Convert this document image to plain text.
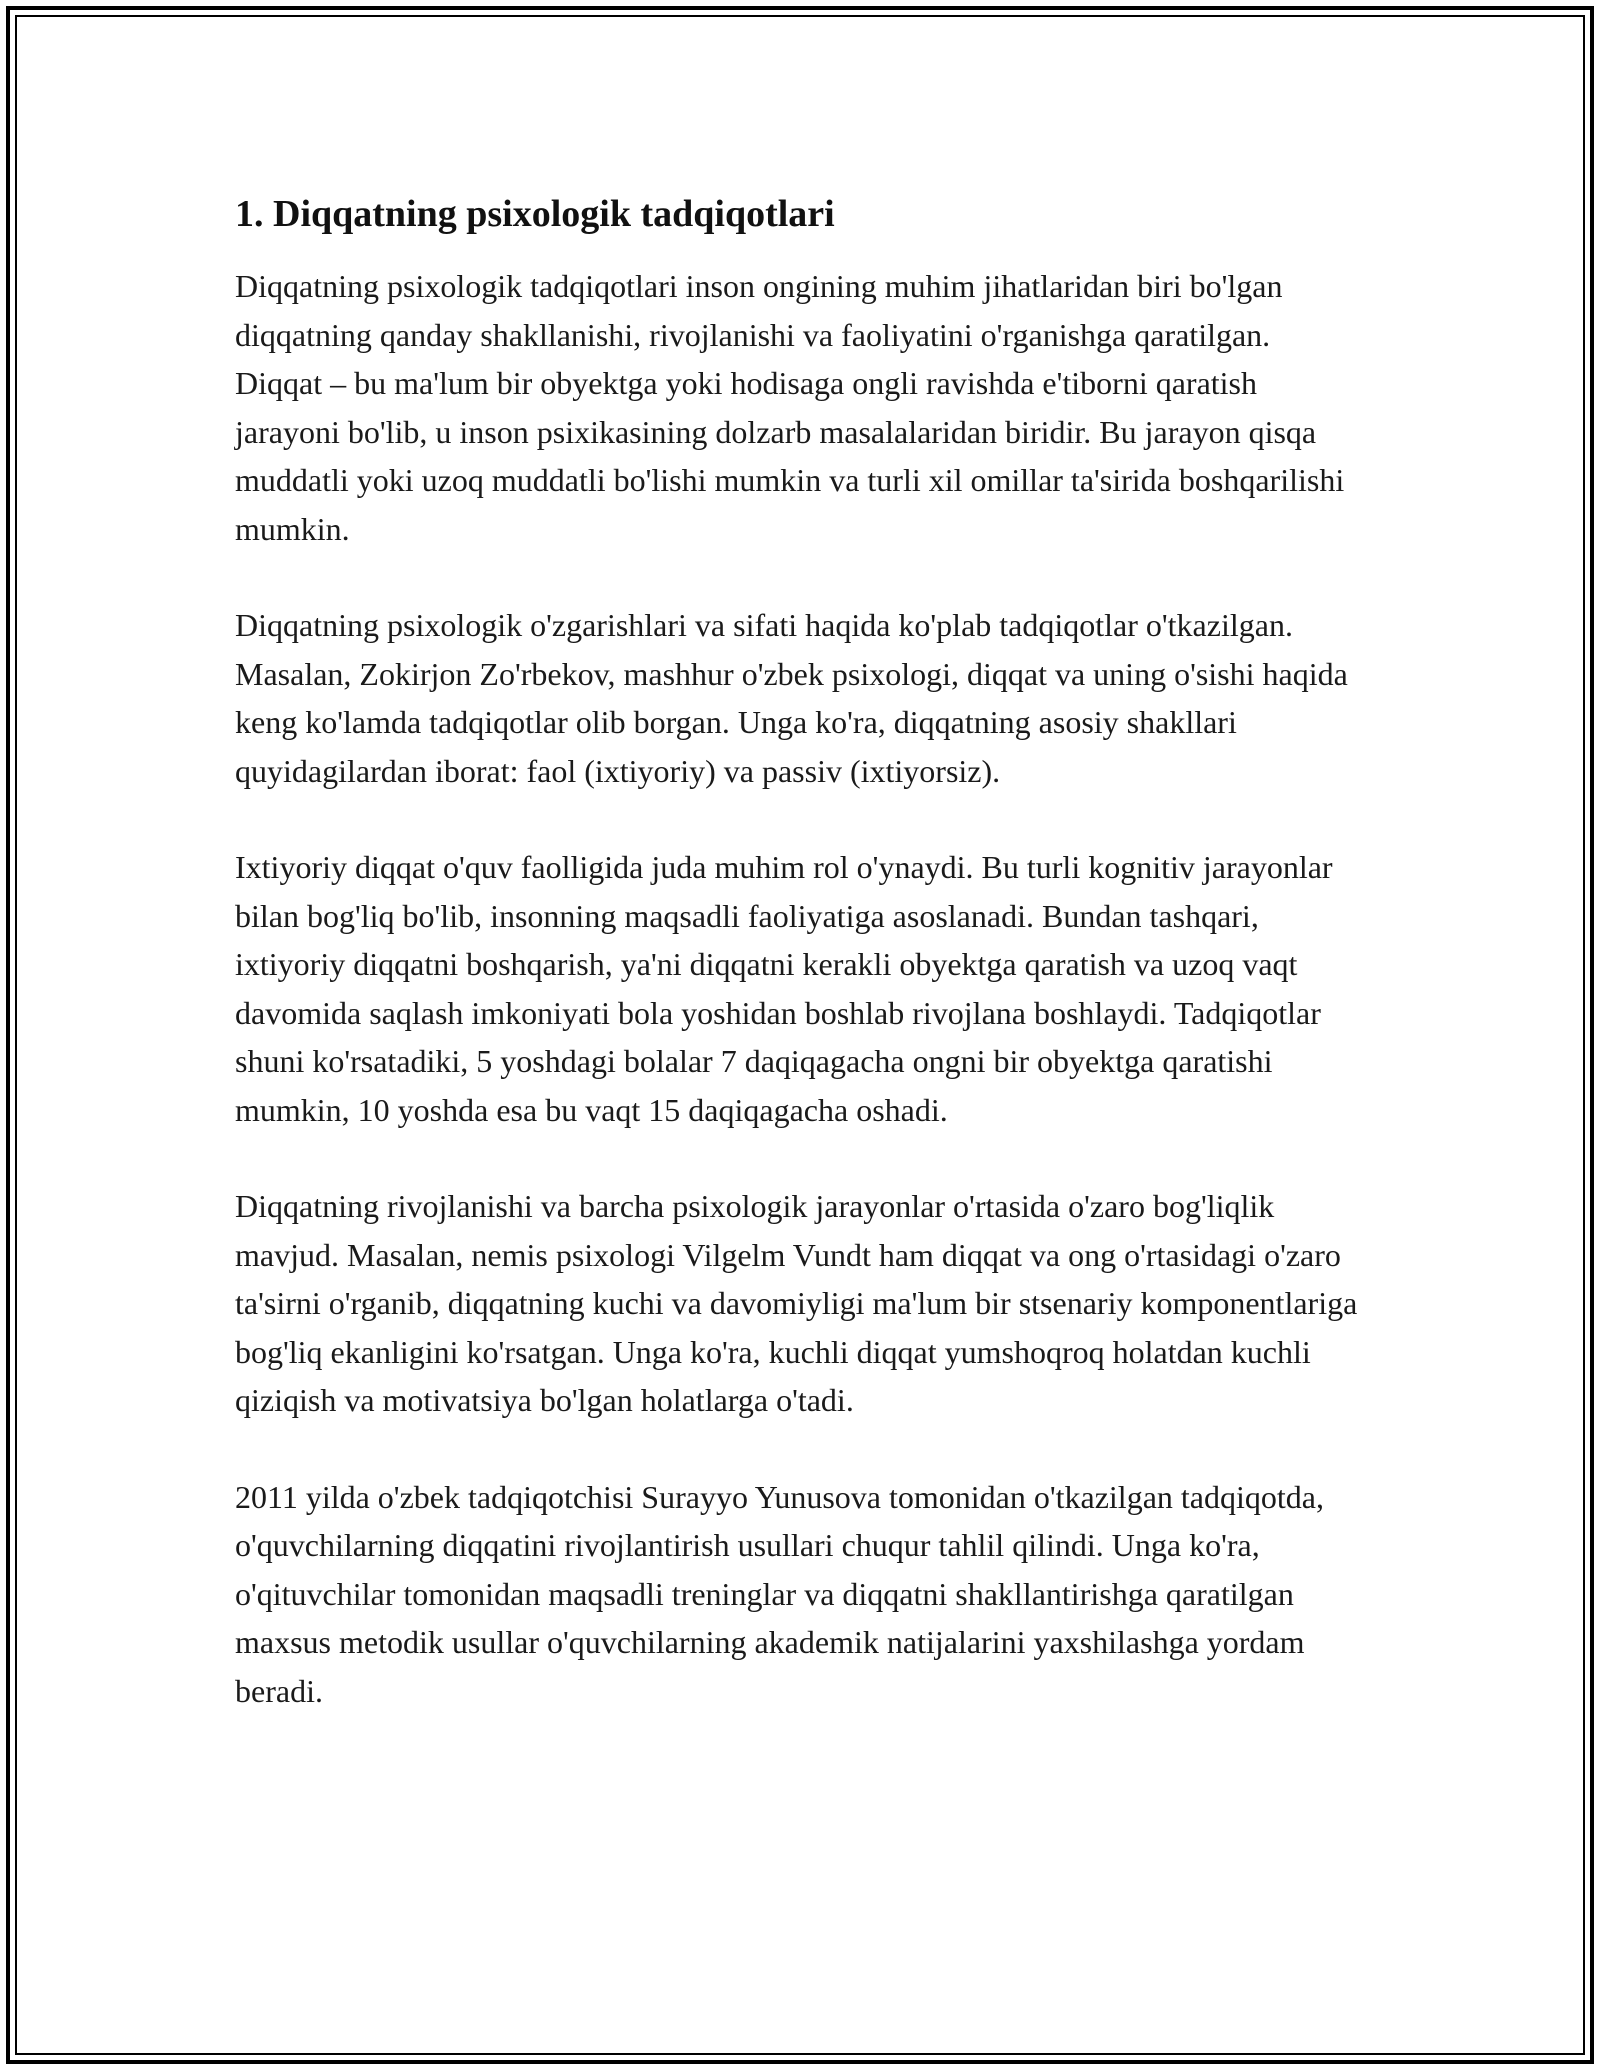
1. Diqqatning psixologik tadqiqotlari

Diqqatning psixologik tadqiqotlari inson ongining muhim jihatlaridan biri bo'lgan diqqatning qanday shakllanishi, rivojlanishi va faoliyatini o'rganishga qaratilgan. Diqqat – bu ma'lum bir obyektga yoki hodisaga ongli ravishda e'tiborni qaratish jarayoni bo'lib, u inson psixikasining dolzarb masalalaridan biridir. Bu jarayon qisqa muddatli yoki uzoq muddatli bo'lishi mumkin va turli xil omillar ta'sirida boshqarilishi mumkin.

Diqqatning psixologik o'zgarishlari va sifati haqida ko'plab tadqiqotlar o'tkazilgan. Masalan, Zokirjon Zo'rbekov, mashhur o'zbek psixologi, diqqat va uning o'sishi haqida keng ko'lamda tadqiqotlar olib borgan. Unga ko'ra, diqqatning asosiy shakllari quyidagilardan iborat: faol (ixtiyoriy) va passiv (ixtiyorsiz).

Ixtiyoriy diqqat o'quv faolligida juda muhim rol o'ynaydi. Bu turli kognitiv jarayonlar bilan bog'liq bo'lib, insonning maqsadli faoliyatiga asoslanadi. Bundan tashqari, ixtiyoriy diqqatni boshqarish, ya'ni diqqatni kerakli obyektga qaratish va uzoq vaqt davomida saqlash imkoniyati bola yoshidan boshlab rivojlana boshlaydi. Tadqiqotlar shuni ko'rsatadiki, 5 yoshdagi bolalar 7 daqiqagacha ongni bir obyektga qaratishi mumkin, 10 yoshda esa bu vaqt 15 daqiqagacha oshadi.

Diqqatning rivojlanishi va barcha psixologik jarayonlar o'rtasida o'zaro bog'liqlik mavjud. Masalan, nemis psixologi Vilgelm Vundt ham diqqat va ong o'rtasidagi o'zaro ta'sirni o'rganib, diqqatning kuchi va davomiyligi ma'lum bir stsenariy komponentlariga bog'liq ekanligini ko'rsatgan. Unga ko'ra, kuchli diqqat yumshoqroq holatdan kuchli qiziqish va motivatsiya bo'lgan holatlarga o'tadi.

2011 yilda o'zbek tadqiqotchisi Surayyo Yunusova tomonidan o'tkazilgan tadqiqotda, o'quvchilarning diqqatini rivojlantirish usullari chuqur tahlil qilindi. Unga ko'ra, o'qituvchilar tomonidan maqsadli treninglar va diqqatni shakllantirishga qaratilgan maxsus metodik usullar o'quvchilarning akademik natijalarini yaxshilashga yordam beradi.
